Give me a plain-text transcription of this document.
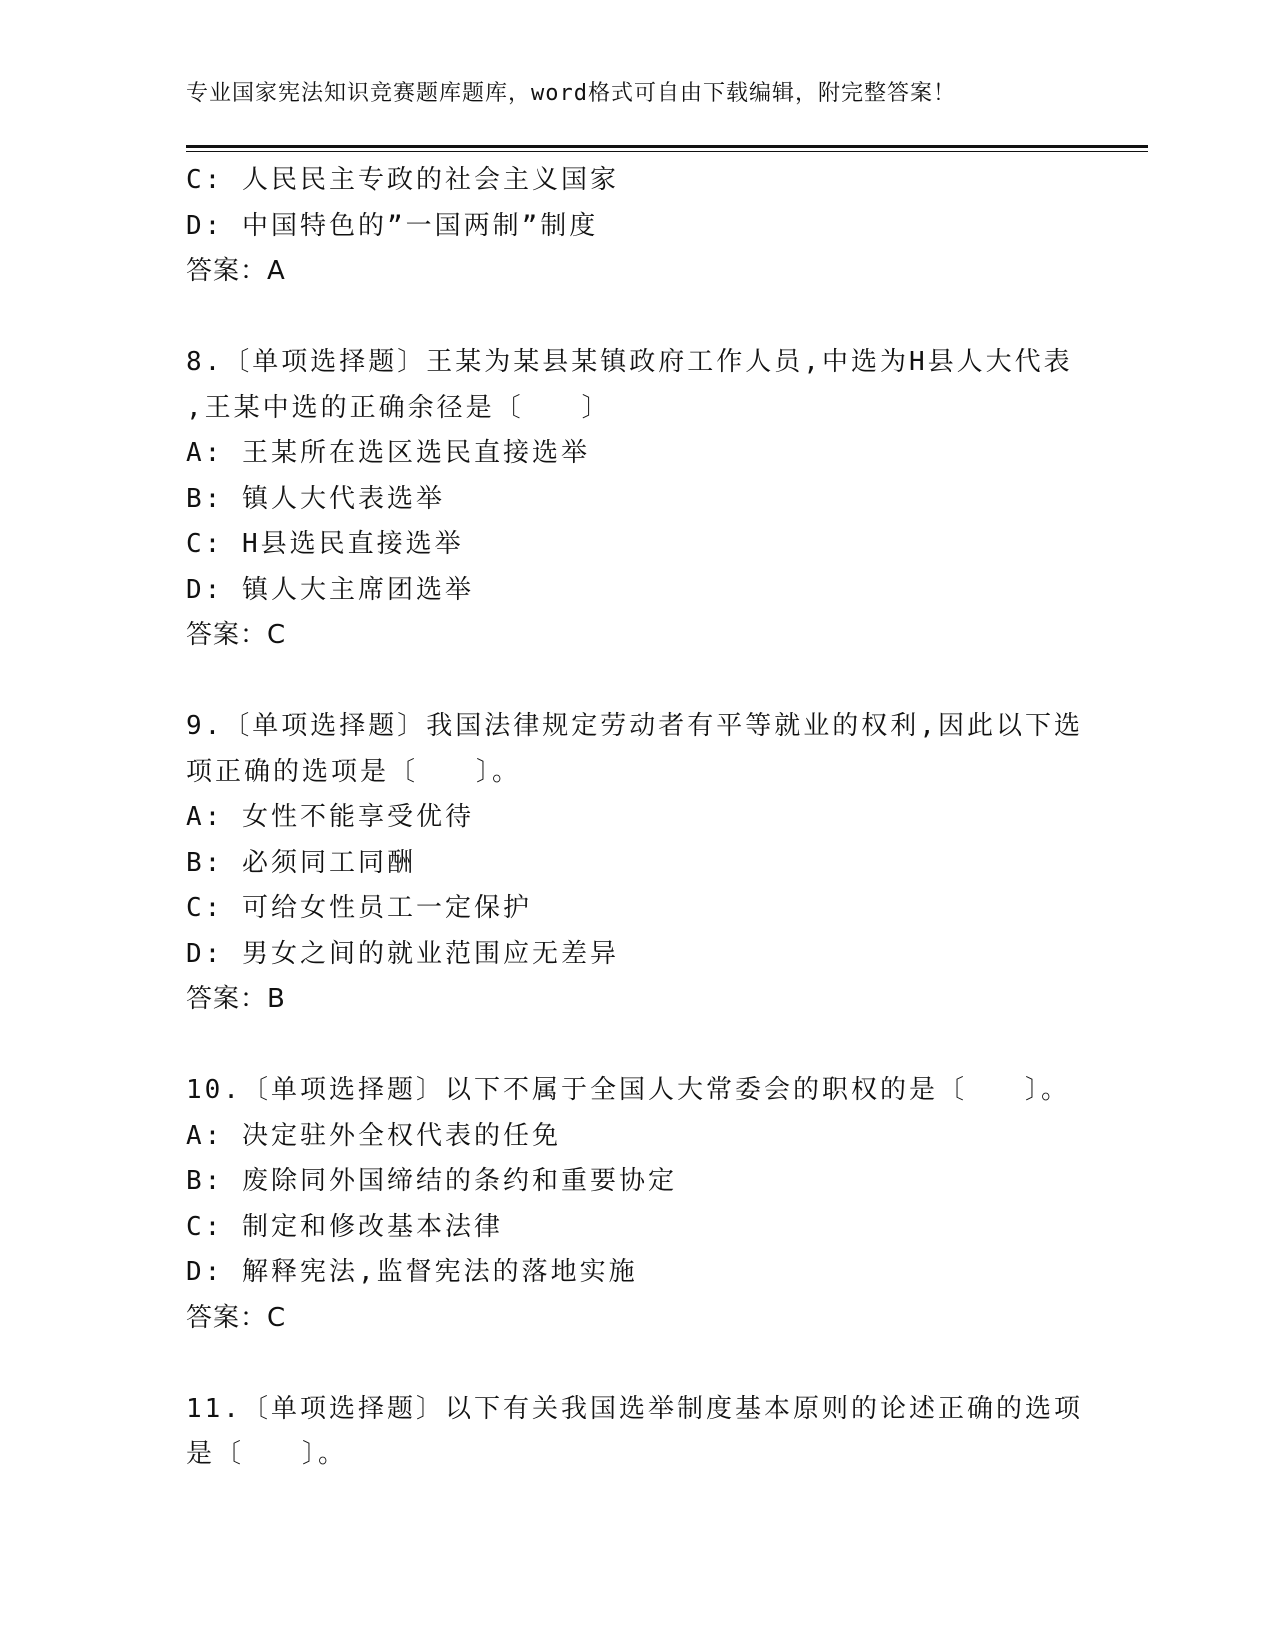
专业国家宪法知识竞赛题库题库，word格式可自由下载编辑，附完整答案！
C: 人民民主专政的社会主义国家
D: 中国特色的”一国两制”制度
答案：A
8.〔单项选择题〕王某为某县某镇政府工作人员,中选为H县人大代表
,王某中选的正确余径是〔　　〕
A: 王某所在选区选民直接选举
B: 镇人大代表选举
C: H县选民直接选举
D: 镇人大主席团选举
答案：C
9.〔单项选择题〕我国法律规定劳动者有平等就业的权利,因此以下选
项正确的选项是〔　　〕。
A: 女性不能享受优待
B: 必须同工同酬
C: 可给女性员工一定保护
D: 男女之间的就业范围应无差异
答案：B
10.〔单项选择题〕以下不属于全国人大常委会的职权的是〔　　〕。
A: 决定驻外全权代表的任免
B: 废除同外国缔结的条约和重要协定
C: 制定和修改基本法律
D: 解释宪法,监督宪法的落地实施
答案：C
11.〔单项选择题〕以下有关我国选举制度基本原则的论述正确的选项
是〔　　〕。
